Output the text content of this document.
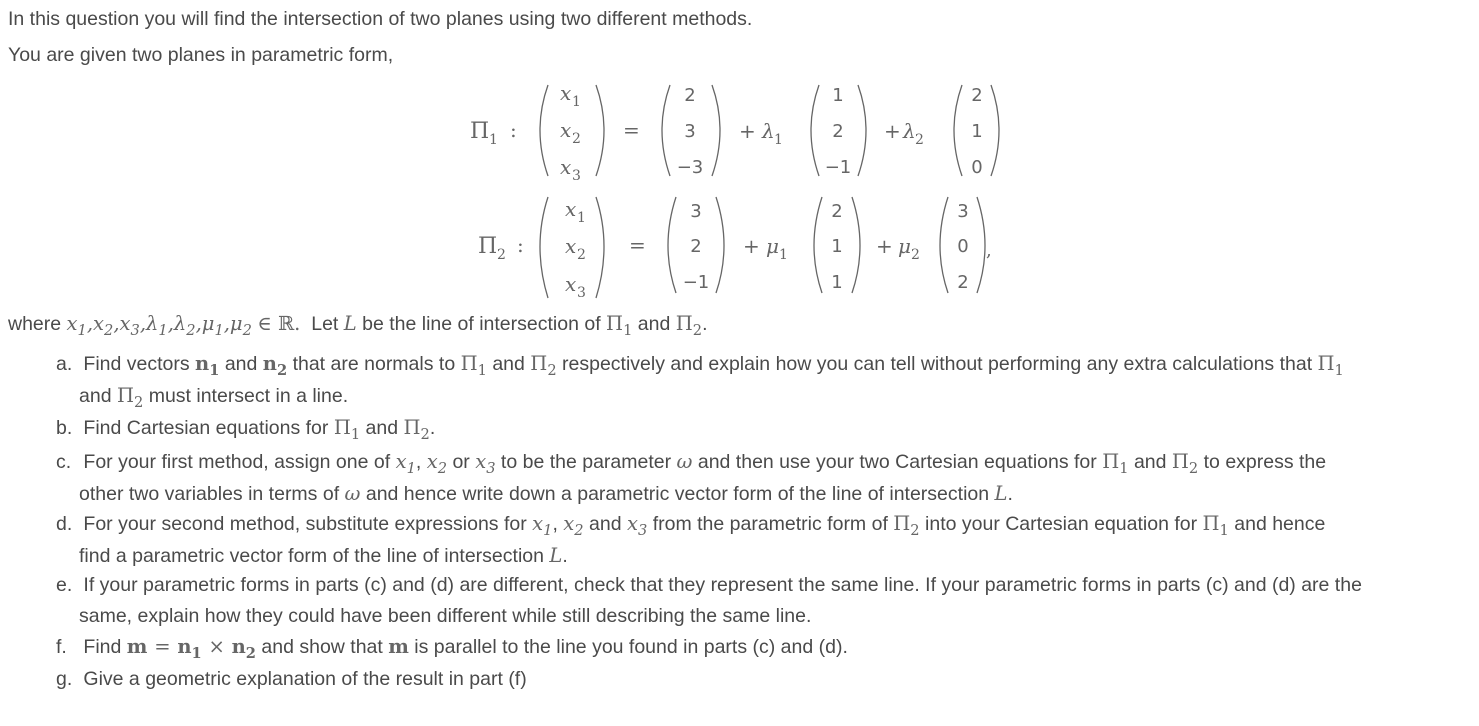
In this question you will find the intersection of two planes using two different methods.
You are given two planes in parametric form,
Π 1 :
x 1
x 2
x 3
=
2
3
−3
+ λ 1
1
2
−1
+ λ 2
2
1
0
Π 2 :
x 1
x 2
x 3
=
3
2
−1
+ μ 1
2
1
1
+ μ 2
3
0
2
,
where $x_1,x_2,x_3,\lambda_1,\lambda_2,\mu_1,\mu_2$ ∈ ℝ. Let L be the line of intersection of $\Pi_1$ and $\Pi_2$.
a. Find vectors $n_1$ and $n_2$ that are normals to $\Pi_1$ and $\Pi_2$ respectively and explain how you can tell without performing any extra calculations that $\Pi_1$
and $\Pi_2$ must intersect in a line.
b. Find Cartesian equations for $\Pi_1$ and $\Pi_2$.
c. For your first method, assign one of $x_1$, $x_2$ or $x_3$ to be the parameter ω and then use your two Cartesian equations for $\Pi_1$ and $\Pi_2$ to express the
other two variables in terms of ω and hence write down a parametric vector form of the line of intersection L.
d. For your second method, substitute expressions for $x_1$, $x_2$ and $x_3$ from the parametric form of $\Pi_2$ into your Cartesian equation for $\Pi_1$ and hence
find a parametric vector form of the line of intersection L.
e. If your parametric forms in parts (c) and (d) are different, check that they represent the same line. If your parametric forms in parts (c) and (d) are the
same, explain how they could have been different while still describing the same line.
f. Find $m = n_1 \times n_2$ and show that m is parallel to the line you found in parts (c) and (d).
g. Give a geometric explanation of the result in part (f)
